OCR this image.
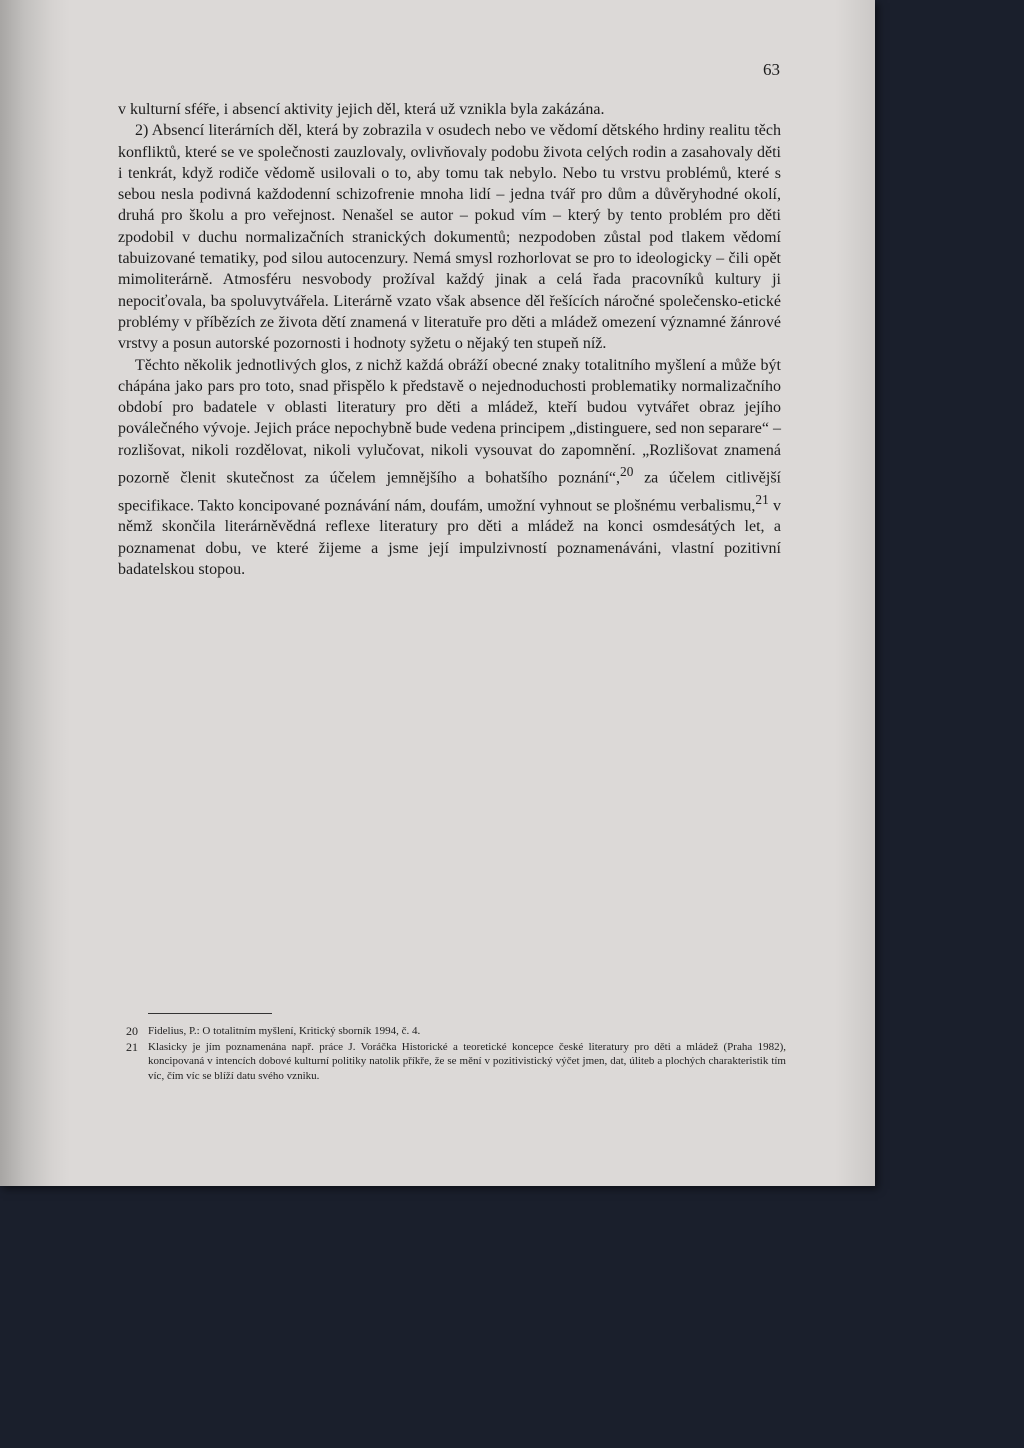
63

v kulturní sféře, i absencí aktivity jejich děl, která už vznikla byla zakázána.

2) Absencí literárních děl, která by zobrazila v osudech nebo ve vědomí dětského hrdiny realitu těch konfliktů, které se ve společnosti zauzlovaly, ovlivňovaly podobu života celých rodin a zasahovaly děti i tenkrát, když rodiče vědomě usilovali o to, aby tomu tak nebylo. Nebo tu vrstvu problémů, které s sebou nesla podivná každodenní schizofrenie mnoha lidí – jedna tvář pro dům a důvěryhodné okolí, druhá pro školu a pro veřejnost. Nenašel se autor – pokud vím – který by tento problém pro děti zpodobil v duchu normalizačních stranických dokumentů; nezpodoben zůstal pod tlakem vědomí tabuizované tematiky, pod silou autocenzury. Nemá smysl rozhorlovat se pro to ideologicky – čili opět mimoliterárně. Atmosféru nesvobody prožíval každý jinak a celá řada pracovníků kultury ji nepociťovala, ba spoluvytvářela. Literárně vzato však absence děl řešících náročné společensko-etické problémy v příbězích ze života dětí znamená v literatuře pro děti a mládež omezení významné žánrové vrstvy a posun autorské pozornosti i hodnoty syžetu o nějaký ten stupeň níž.

Těchto několik jednotlivých glos, z nichž každá obráží obecné znaky totalitního myšlení a může být chápána jako pars pro toto, snad přispělo k představě o nejednoduchosti problematiky normalizačního období pro badatele v oblasti literatury pro děti a mládež, kteří budou vytvářet obraz jejího poválečného vývoje. Jejich práce nepochybně bude vedena principem „distinguere, sed non separare“ – rozlišovat, nikoli rozdělovat, nikoli vylučovat, nikoli vysouvat do zapomnění. „Rozlišovat znamená pozorně členit skutečnost za účelem jemnějšího a bohatšího poznání“,$^{20}$ za účelem citlivější specifikace. Takto koncipované poznávání nám, doufám, umožní vyhnout se plošnému verbalismu,$^{21}$ v němž skončila literárněvědná reflexe literatury pro děti a mládež na konci osmdesátých let, a poznamenat dobu, ve které žijeme a jsme její impulzivností poznamenáváni, vlastní pozitivní badatelskou stopou.

20 Fidelius, P.: O totalitním myšlení, Kritický sborník 1994, č. 4.
21 Klasicky je jím poznamenána např. práce J. Voráčka Historické a teoretické koncepce české literatury pro děti a mládež (Praha 1982), koncipovaná v intencích dobové kulturní politiky natolik příkře, že se mění v pozitivistický výčet jmen, dat, úliteb a plochých charakteristik tím víc, čím víc se blíží datu svého vzniku.
